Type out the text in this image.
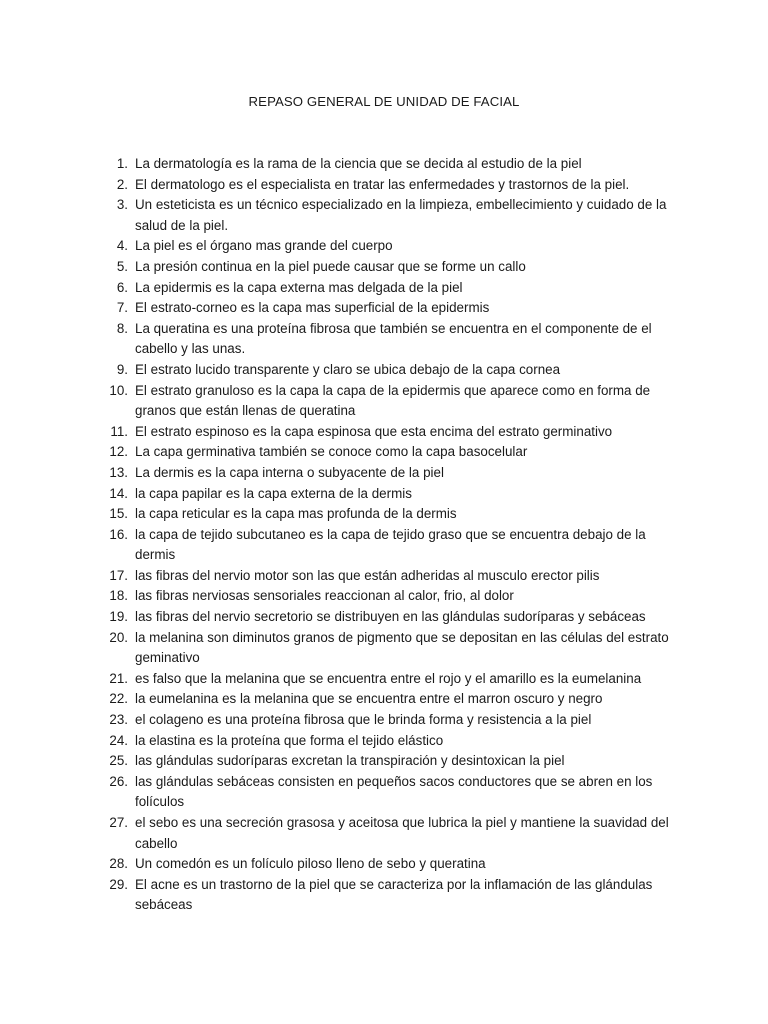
REPASO GENERAL DE UNIDAD DE FACIAL
1. La dermatología es la rama de la ciencia que se decida al estudio de la piel
2. El dermatologo es el especialista en tratar las enfermedades y trastornos de la piel.
3. Un esteticista es un técnico especializado en la limpieza, embellecimiento y cuidado de la salud de la piel.
4. La piel es el órgano mas grande del cuerpo
5. La presión continua en la piel puede causar que se forme un callo
6. La epidermis es la capa externa mas delgada de la piel
7. El estrato-corneo es la capa mas superficial de la epidermis
8. La queratina es una proteína fibrosa que también se encuentra en el componente de el cabello y las unas.
9. El estrato lucido transparente y claro se ubica debajo de la capa cornea
10. El estrato granuloso es la capa la capa de la epidermis que aparece como en forma de granos que están llenas de queratina
11. El estrato espinoso es la capa espinosa que esta encima del estrato germinativo
12. La capa germinativa también se conoce como la capa basocelular
13. La dermis es la capa interna o subyacente de la piel
14. la capa papilar es la capa externa de la dermis
15. la capa reticular es la capa mas profunda de la dermis
16. la capa de tejido subcutaneo es la capa de tejido graso que se encuentra debajo de la dermis
17. las fibras del nervio motor son las que están adheridas al musculo erector pilis
18. las fibras nerviosas sensoriales reaccionan al calor, frio, al dolor
19. las fibras del nervio secretorio se distribuyen en las glándulas sudoríparas y sebáceas
20. la melanina son diminutos granos de pigmento que se depositan en las células del estrato geminativo
21. es falso que la melanina que se encuentra entre el rojo y el amarillo es la eumelanina
22. la eumelanina es la melanina que se encuentra entre el marron oscuro y negro
23. el colageno es una proteína fibrosa que le brinda forma y resistencia a la piel
24. la elastina es la proteína que forma el tejido elástico
25. las glándulas sudoríparas excretan la transpiración y desintoxican la piel
26. las glándulas sebáceas consisten en pequeños sacos conductores que se abren en los folículos
27. el sebo es una secreción grasosa y aceitosa que lubrica la piel y mantiene la suavidad del cabello
28. Un comedón es un folículo piloso lleno de sebo y queratina
29. El acne es un trastorno de la piel que se caracteriza por la inflamación de las glándulas sebáceas
